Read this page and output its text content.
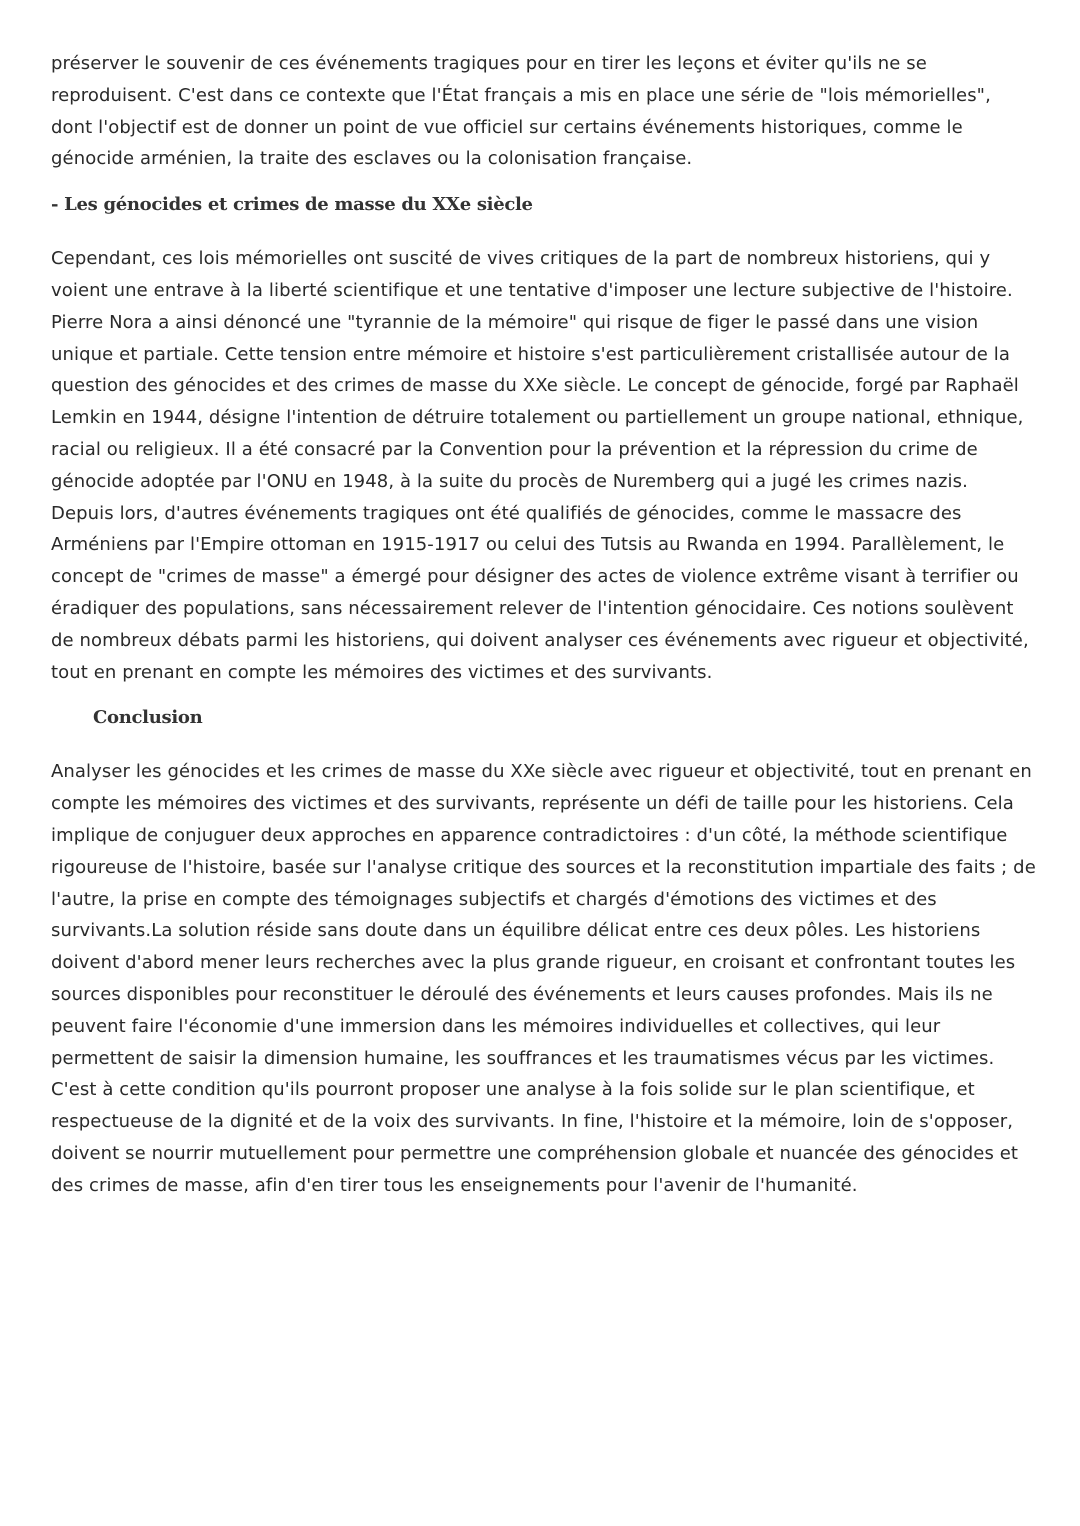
préserver le souvenir de ces événements tragiques pour en tirer les leçons et éviter qu'ils ne se reproduisent. C'est dans ce contexte que l'État français a mis en place une série de "lois mémorielles", dont l'objectif est de donner un point de vue officiel sur certains événements historiques, comme le génocide arménien, la traite des esclaves ou la colonisation française.

- Les génocides et crimes de masse du XXe siècle

Cependant, ces lois mémorielles ont suscité de vives critiques de la part de nombreux historiens, qui y voient une entrave à la liberté scientifique et une tentative d'imposer une lecture subjective de l'histoire. Pierre Nora a ainsi dénoncé une "tyrannie de la mémoire" qui risque de figer le passé dans une vision unique et partiale. Cette tension entre mémoire et histoire s'est particulièrement cristallisée autour de la question des génocides et des crimes de masse du XXe siècle. Le concept de génocide, forgé par Raphaël Lemkin en 1944, désigne l'intention de détruire totalement ou partiellement un groupe national, ethnique, racial ou religieux. Il a été consacré par la Convention pour la prévention et la répression du crime de génocide adoptée par l'ONU en 1948, à la suite du procès de Nuremberg qui a jugé les crimes nazis. Depuis lors, d'autres événements tragiques ont été qualifiés de génocides, comme le massacre des Arméniens par l'Empire ottoman en 1915-1917 ou celui des Tutsis au Rwanda en 1994. Parallèlement, le concept de "crimes de masse" a émergé pour désigner des actes de violence extrême visant à terrifier ou éradiquer des populations, sans nécessairement relever de l'intention génocidaire. Ces notions soulèvent de nombreux débats parmi les historiens, qui doivent analyser ces événements avec rigueur et objectivité, tout en prenant en compte les mémoires des victimes et des survivants.

Conclusion

Analyser les génocides et les crimes de masse du XXe siècle avec rigueur et objectivité, tout en prenant en compte les mémoires des victimes et des survivants, représente un défi de taille pour les historiens. Cela implique de conjuguer deux approches en apparence contradictoires : d'un côté, la méthode scientifique rigoureuse de l'histoire, basée sur l'analyse critique des sources et la reconstitution impartiale des faits ; de l'autre, la prise en compte des témoignages subjectifs et chargés d'émotions des victimes et des survivants.La solution réside sans doute dans un équilibre délicat entre ces deux pôles. Les historiens doivent d'abord mener leurs recherches avec la plus grande rigueur, en croisant et confrontant toutes les sources disponibles pour reconstituer le déroulé des événements et leurs causes profondes. Mais ils ne peuvent faire l'économie d'une immersion dans les mémoires individuelles et collectives, qui leur permettent de saisir la dimension humaine, les souffrances et les traumatismes vécus par les victimes. C'est à cette condition qu'ils pourront proposer une analyse à la fois solide sur le plan scientifique, et respectueuse de la dignité et de la voix des survivants. In fine, l'histoire et la mémoire, loin de s'opposer, doivent se nourrir mutuellement pour permettre une compréhension globale et nuancée des génocides et des crimes de masse, afin d'en tirer tous les enseignements pour l'avenir de l'humanité.
